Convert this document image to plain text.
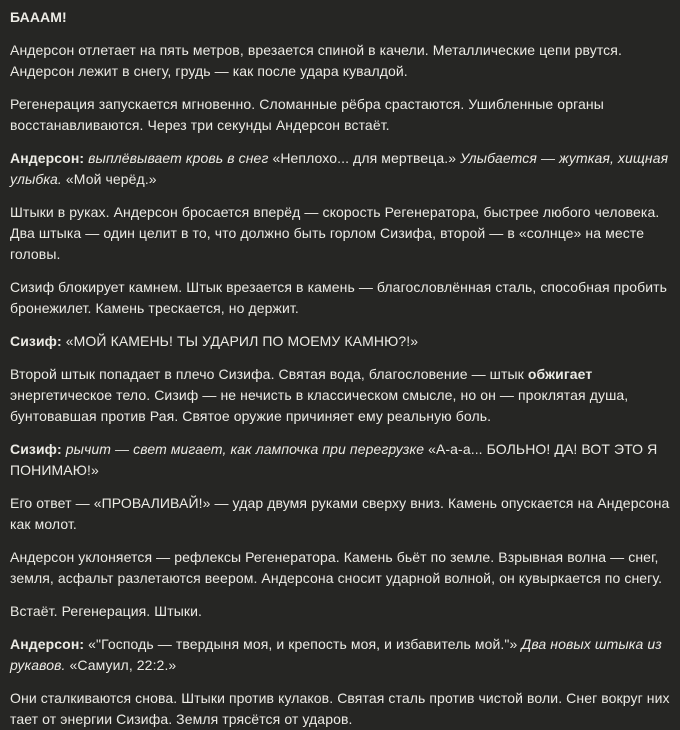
БАААМ!

Андерсон отлетает на пять метров, врезается спиной в качели. Металлические цепи рвутся. Андерсон лежит в снегу, грудь — как после удара кувалдой.

Регенерация запускается мгновенно. Сломанные рёбра срастаются. Ушибленные органы восстанавливаются. Через три секунды Андерсон встаёт.

Андерсон: выплёвывает кровь в снег «Неплохо... для мертвеца.» Улыбается — жуткая, хищная улыбка. «Мой черёд.»

Штыки в руках. Андерсон бросается вперёд — скорость Регенератора, быстрее любого человека. Два штыка — один целит в то, что должно быть горлом Сизифа, второй — в «солнце» на месте головы.

Сизиф блокирует камнем. Штык врезается в камень — благословлённая сталь, способная пробить бронежилет. Камень трескается, но держит.

Сизиф: «МОЙ КАМЕНЬ! ТЫ УДАРИЛ ПО МОЕМУ КАМНЮ?!»

Второй штык попадает в плечо Сизифа. Святая вода, благословение — штык обжигает энергетическое тело. Сизиф — не нечисть в классическом смысле, но он — проклятая душа, бунтовавшая против Рая. Святое оружие причиняет ему реальную боль.

Сизиф: рычит — свет мигает, как лампочка при перегрузке «А-а-а... БОЛЬНО! ДА! ВОТ ЭТО Я ПОНИМАЮ!»

Его ответ — «ПРОВАЛИВАЙ!» — удар двумя руками сверху вниз. Камень опускается на Андерсона как молот.

Андерсон уклоняется — рефлексы Регенератора. Камень бьёт по земле. Взрывная волна — снег, земля, асфальт разлетаются веером. Андерсона сносит ударной волной, он кувыркается по снегу.

Встаёт. Регенерация. Штыки.

Андерсон: «"Господь — твердыня моя, и крепость моя, и избавитель мой."» Два новых штыка из рукавов. «Самуил, 22:2.»

Они сталкиваются снова. Штыки против кулаков. Святая сталь против чистой воли. Снег вокруг них тает от энергии Сизифа. Земля трясётся от ударов.
